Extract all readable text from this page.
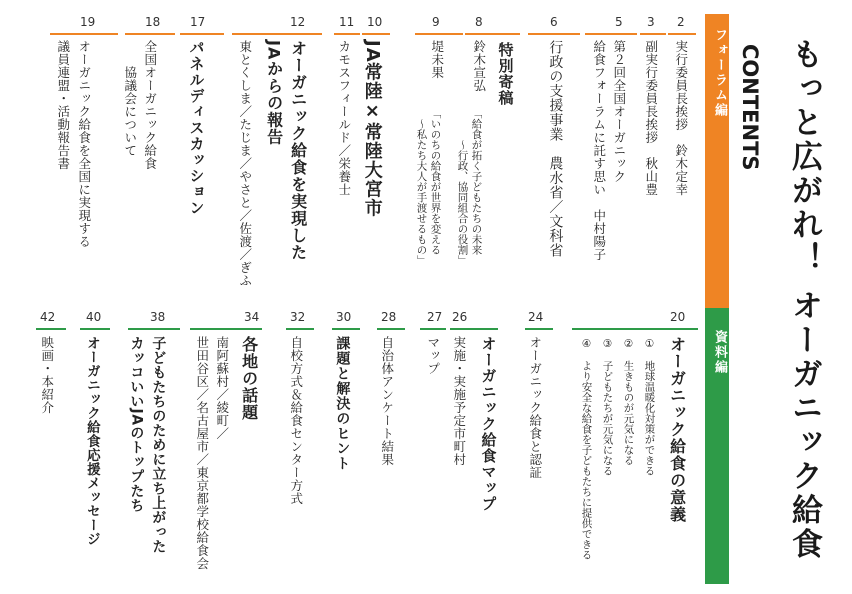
もっと広がれ！ オーガニック給食
CONTENTS
フォーラム編
資料編
2
実行委員長挨拶　鈴木定幸
3
副実行委員長挨拶　秋山豊
5
第２回全国オーガニック
給食フォーラムに託す思い　中村陽子
6
行政の支援事業　農水省／文科省
8
特別寄稿
鈴木宣弘
「給食が拓く子どもたちの未来
　　　～行政、協同組合の役割」
9
堤未果
「いのちの給食が世界を変える
　～私たち大人が手渡せるもの」
10
JA常陸×常陸大宮市
11
カモスフィールド／栄養士
12
オーガニック給食を実現した
JAからの報告
東とくしま／たじま／やさと／佐渡／ぎふ
17
パネルディスカッション
18
全国オーガニック給食
　　協議会について
19
オーガニック給食を全国に実現する
議員連盟・活動報告書
20
オーガニック給食の意義
①　地球温暖化対策ができる
②　生きものが元気になる
③　子どもたちが元気になる
④　より安全な給食を子どもたちに提供できる
24
オーガニック給食と認証
26
オーガニック給食マップ
実施・実施予定市町村
27
マップ
28
自治体アンケート結果
30
課題と解決のヒント
32
自校方式＆給食センター方式
34
各地の話題
南阿蘇村／綾町／
世田谷区／名古屋市／東京都学校給食会
38
子どもたちのために立ち上がった
カッコいいJAのトップたち
40
オーガニック給食応援メッセージ
42
映画・本紹介
